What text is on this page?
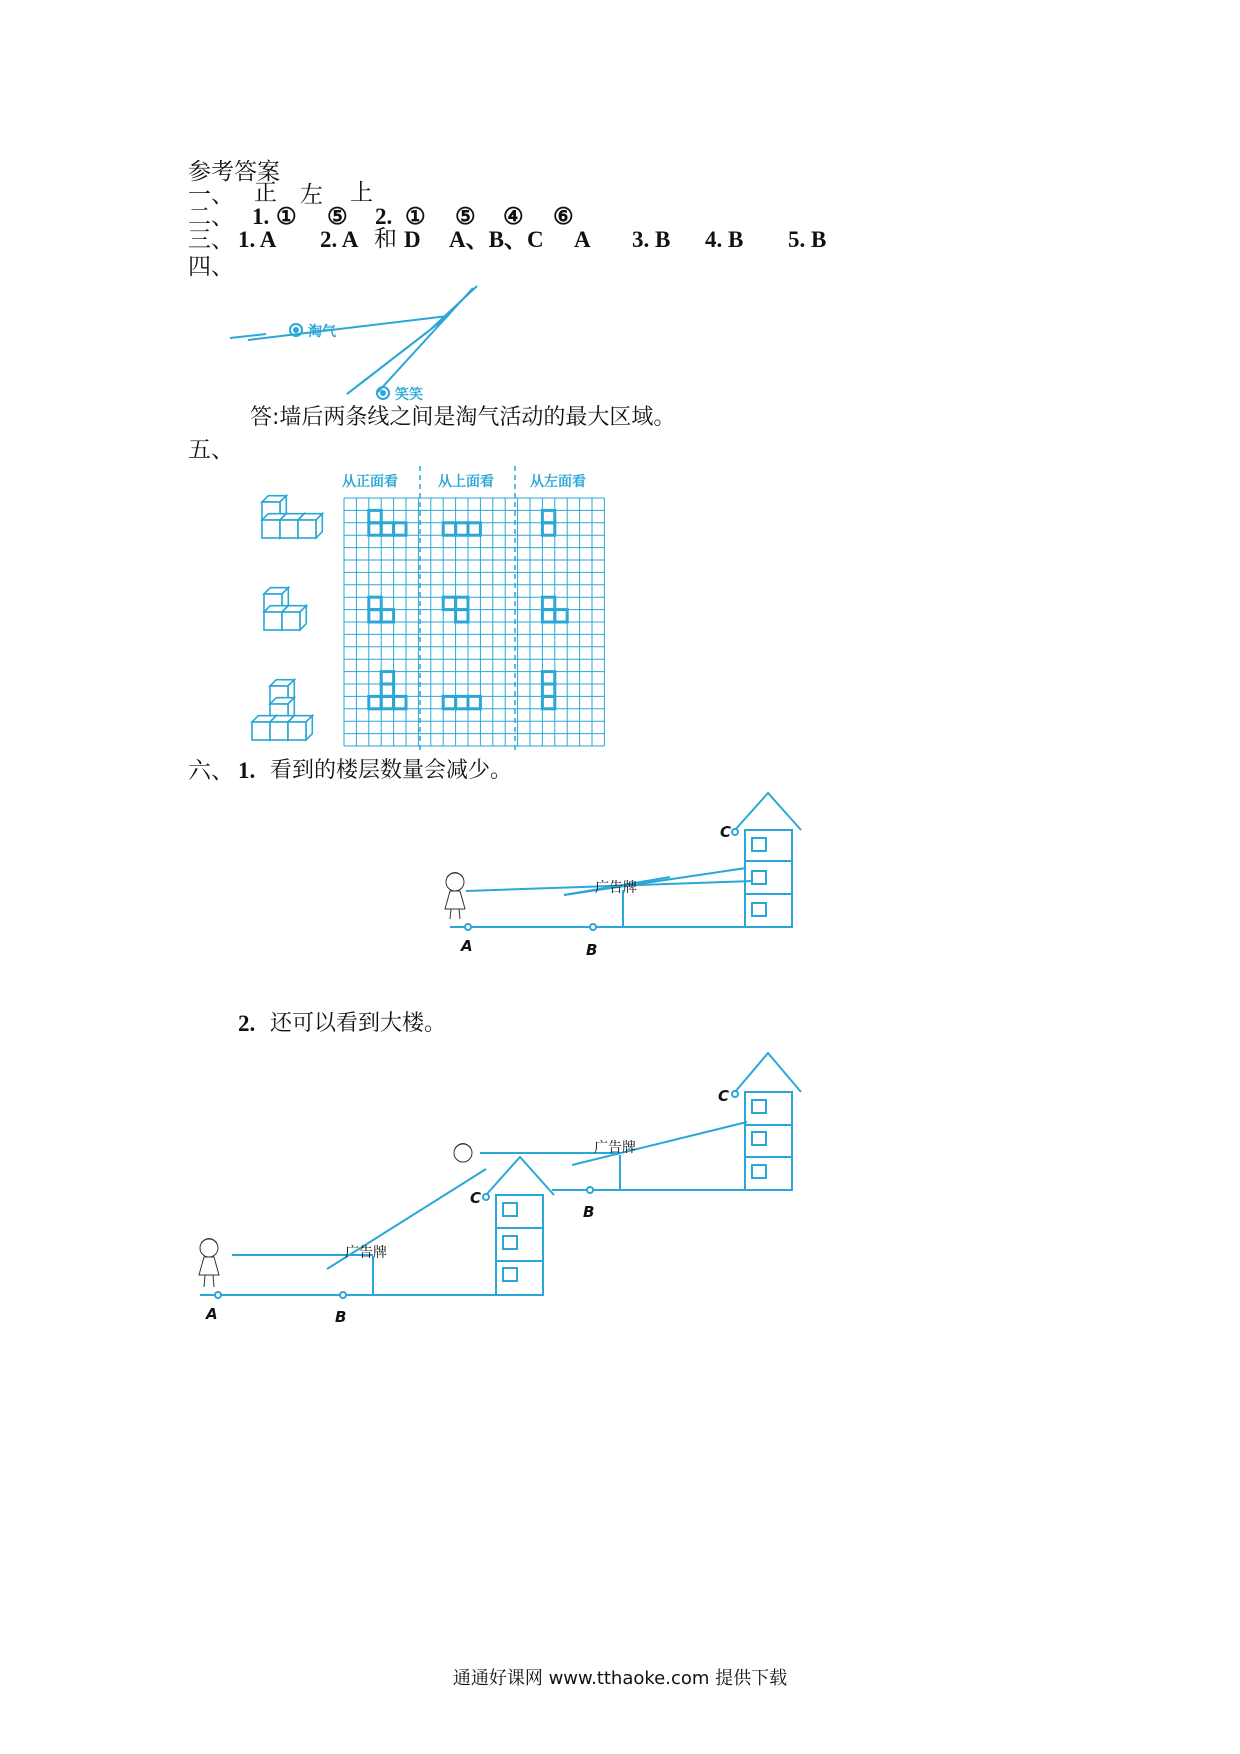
参考答案
一、 正 左 上
二、 1. ① ⑤ 2. ① ⑤ ④ ⑥
三、 1. A 2. A 和 D A、B、C A 3. B 4. B 5. B
四、
淘气
笑笑
答:墙后两条线之间是淘气活动的最大区域。
五、
从正面看	从上面看	从左面看
六、 1. 看到的楼层数量会减少。
广告牌
C
A	B
2. 还可以看到大楼。
广告牌
广告牌
C
C
A	B
B
通通好课网 www.tthaoke.com 提供下载
